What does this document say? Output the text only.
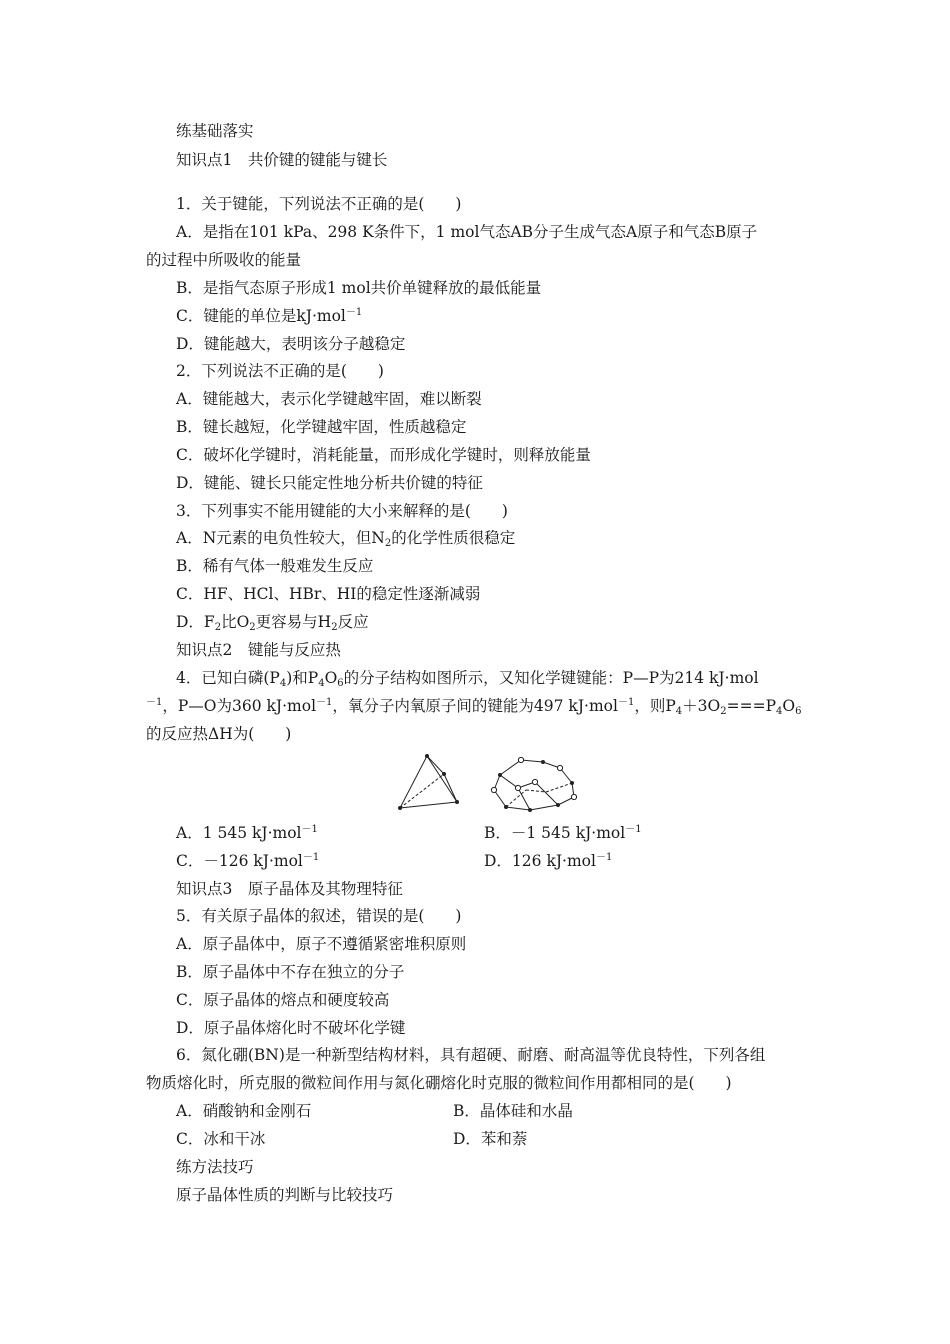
练基础落实
知识点1　共价键的键能与键长
1．关于键能，下列说法不正确的是(　　)
A．是指在101 kPa、298 K条件下，1 mol气态AB分子生成气态A原子和气态B原子
的过程中所吸收的能量
B．是指气态原子形成1 mol共价单键释放的最低能量
C．键能的单位是kJ·mol$^{-1}$
D．键能越大，表明该分子越稳定
2．下列说法不正确的是(　　)
A．键能越大，表示化学键越牢固，难以断裂
B．键长越短，化学键越牢固，性质越稳定
C．破坏化学键时，消耗能量，而形成化学键时，则释放能量
D．键能、键长只能定性地分析共价键的特征
3．下列事实不能用键能的大小来解释的是(　　)
A．N元素的电负性较大，但$N_2$的化学性质很稳定
B．稀有气体一般难发生反应
C．HF、HCl、HBr、HI的稳定性逐渐减弱
D．$F_2$比$O_2$更容易与$H_2$反应
知识点2　键能与反应热
4．已知白磷$(P_4)$和$P_4O_6$的分子结构如图所示，又知化学键键能：P—P为214 kJ·mol
$^{-1}$，P—O为360 kJ·mol$^{-1}$，氧分子内氧原子间的键能为497 kJ·mol$^{-1}$，则$P_4+3O_2===P_4O_6$
的反应热ΔH为(　　)
A．1 545 kJ·mol$^{-1}$	B．－1 545 kJ·mol$^{-1}$
C．－126 kJ·mol$^{-1}$	D．126 kJ·mol$^{-1}$
知识点3　原子晶体及其物理特征
5．有关原子晶体的叙述，错误的是(　　)
A．原子晶体中，原子不遵循紧密堆积原则
B．原子晶体中不存在独立的分子
C．原子晶体的熔点和硬度较高
D．原子晶体熔化时不破坏化学键
6．氮化硼(BN)是一种新型结构材料，具有超硬、耐磨、耐高温等优良特性，下列各组
物质熔化时，所克服的微粒间作用与氮化硼熔化时克服的微粒间作用都相同的是(　　)
A．硝酸钠和金刚石	B．晶体硅和水晶
C．冰和干冰	D．苯和萘
练方法技巧
原子晶体性质的判断与比较技巧
